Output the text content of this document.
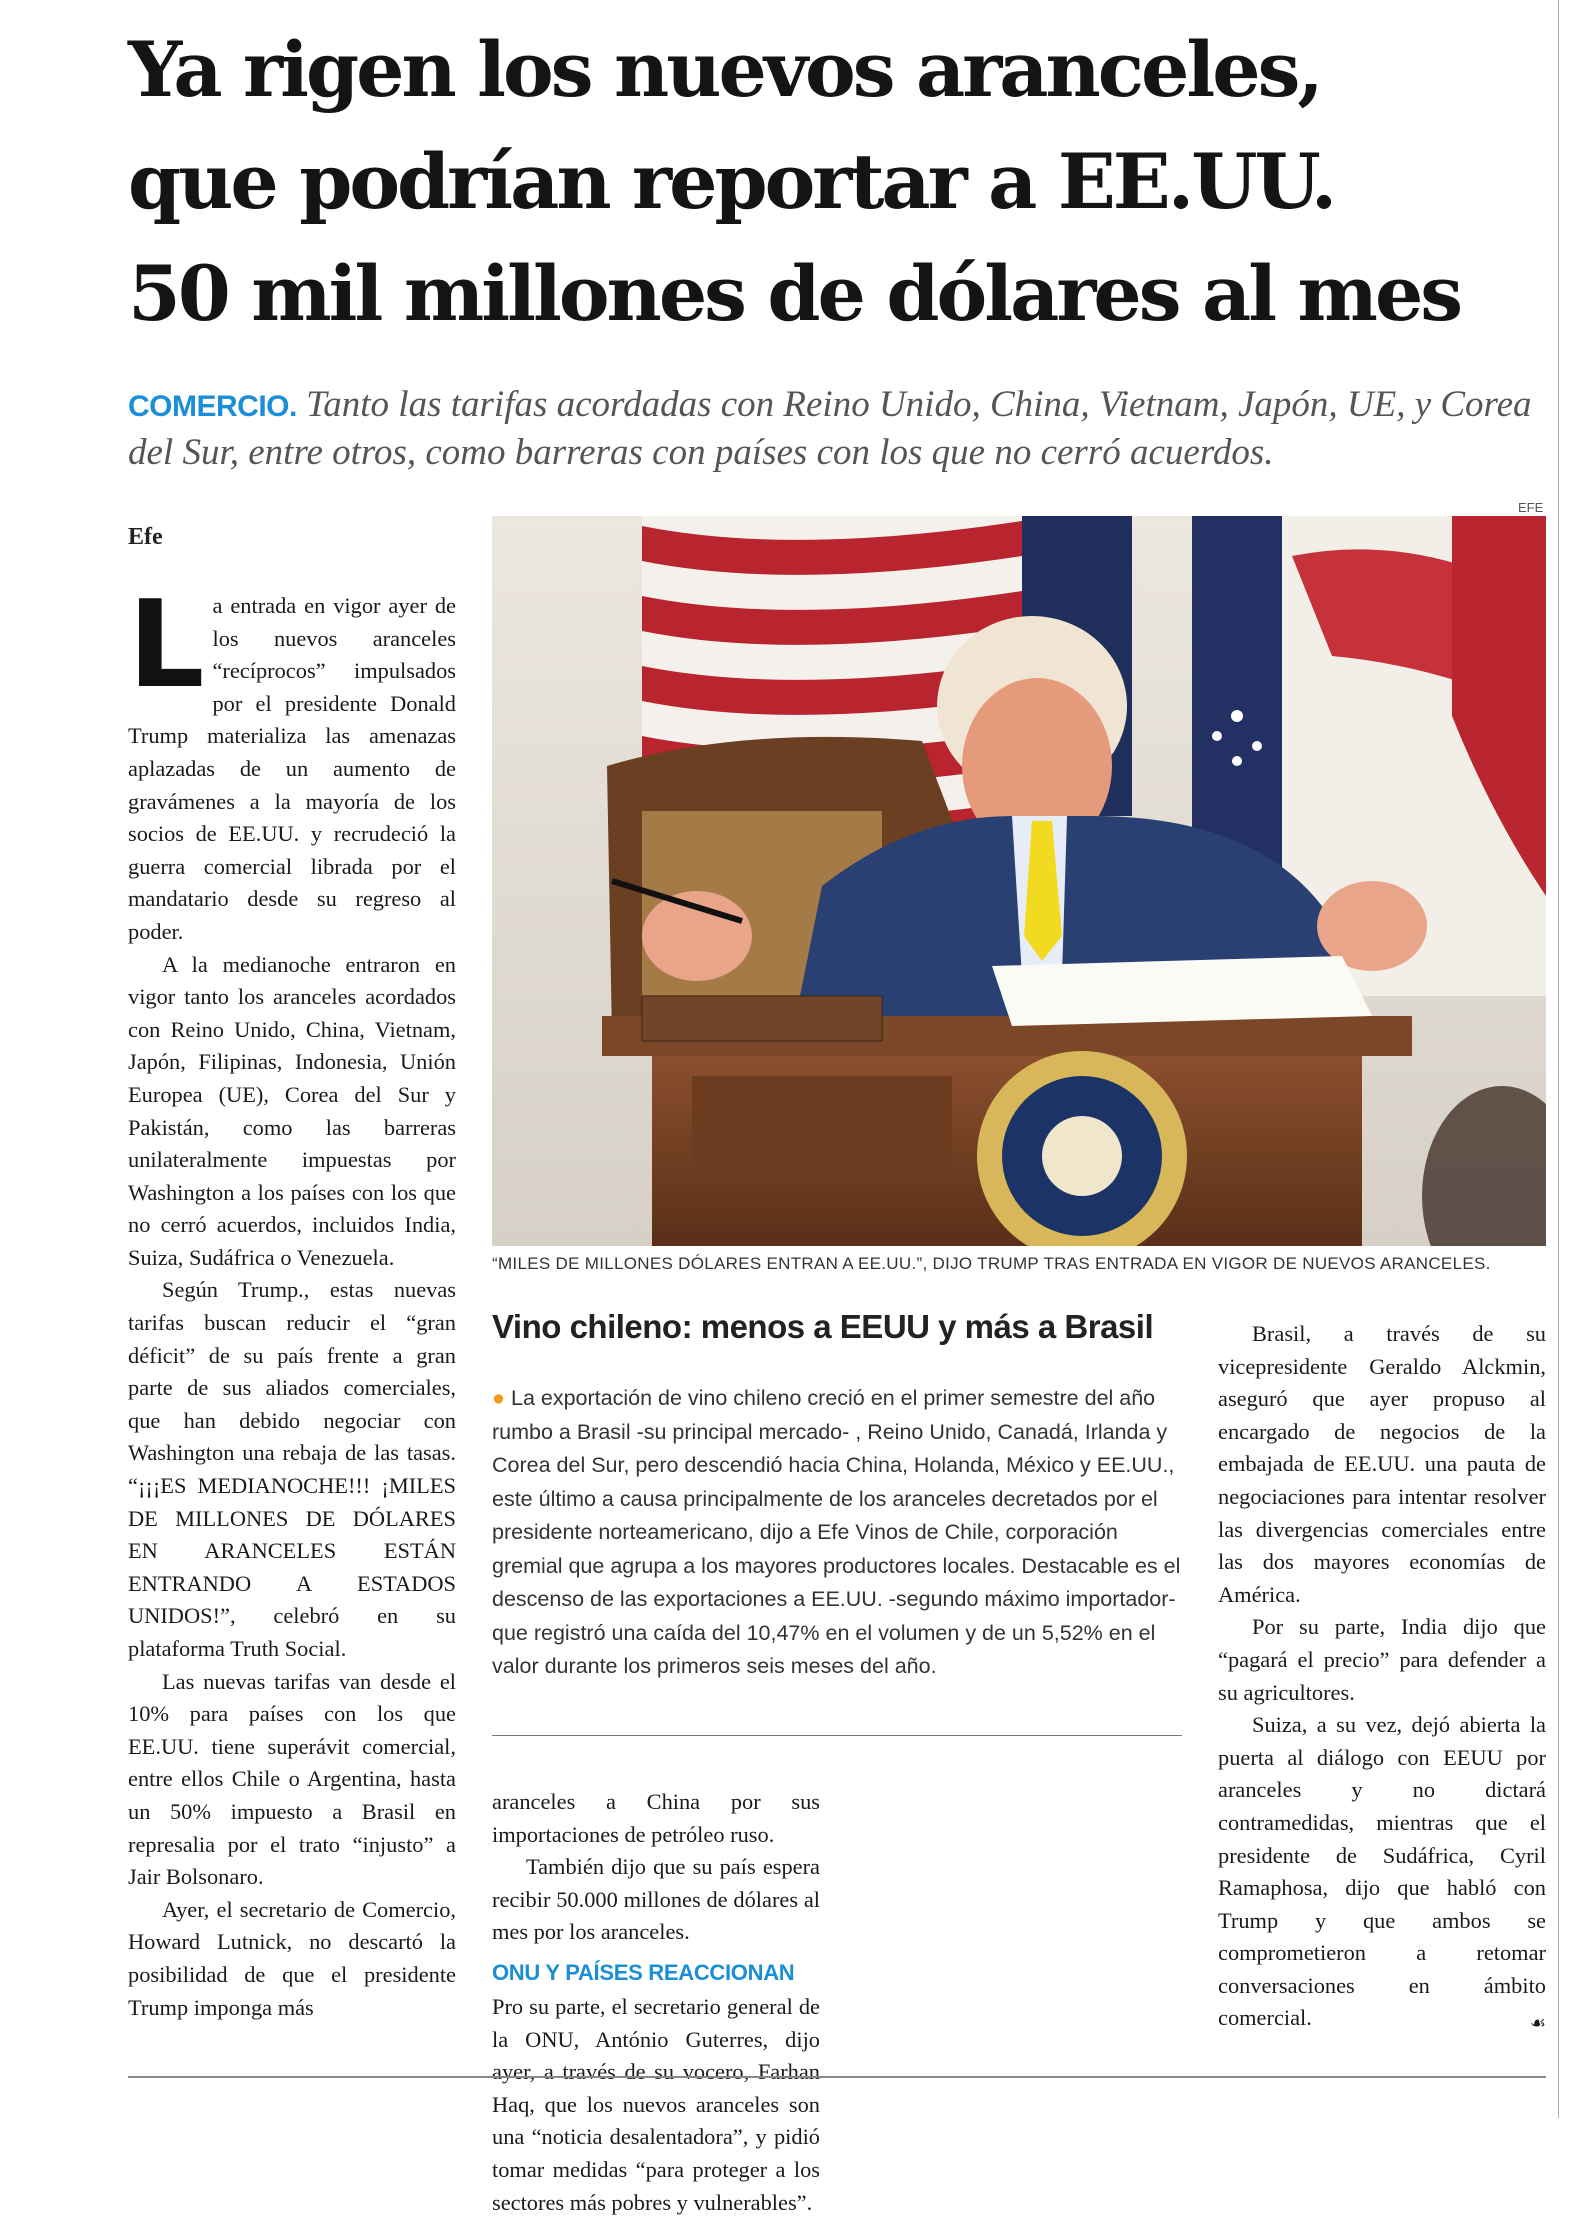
Ya rigen los nuevos aranceles,
que podrían reportar a EE.UU.
50 mil millones de dólares al mes
COMERCIO. Tanto las tarifas acordadas con Reino Unido, China, Vietnam, Japón, UE, y Corea del Sur, entre otros, como barreras con países con los que no cerró acuerdos.
EFE
Efe

La entrada en vigor ayer de los nuevos aranceles “recíprocos” impulsados por el presidente Donald Trump materializa las amenazas aplazadas de un aumento de gravámenes a la mayoría de los socios de EE.UU. y recrudeció la guerra comercial librada por el mandatario desde su regreso al poder.

A la medianoche entraron en vigor tanto los aranceles acordados con Reino Unido, China, Vietnam, Japón, Filipinas, Indonesia, Unión Europea (UE), Corea del Sur y Pakistán, como las barreras unilateralmente impuestas por Washington a los países con los que no cerró acuerdos, incluidos India, Suiza, Sudáfrica o Venezuela.

Según Trump., estas nuevas tarifas buscan reducir el “gran déficit” de su país frente a gran parte de sus aliados comerciales, que han debido negociar con Washington una rebaja de las tasas. “¡¡¡ES MEDIANOCHE!!! ¡MILES DE MILLONES DE DÓLARES EN ARANCELES ESTÁN ENTRANDO A ESTADOS UNIDOS!”, celebró en su plataforma Truth Social.

Las nuevas tarifas van desde el 10% para países con los que EE.UU. tiene superávit comercial, entre ellos Chile o Argentina, hasta un 50% impuesto a Brasil en represalia por el trato “injusto” a Jair Bolsonaro.

Ayer, el secretario de Comercio, Howard Lutnick, no descartó la posibilidad de que el presidente Trump imponga más

“MILES DE MILLONES DÓLARES ENTRAN A EE.UU.”, DIJO TRUMP TRAS ENTRADA EN VIGOR DE NUEVOS ARANCELES.
Vino chileno: menos a EEUU y más a Brasil
● La exportación de vino chileno creció en el primer semestre del año rumbo a Brasil -su principal mercado- , Reino Unido, Canadá, Irlanda y Corea del Sur, pero descendió hacia China, Holanda, México y EE.UU., este último a causa principalmente de los aranceles decretados por el presidente norteamericano, dijo a Efe Vinos de Chile, corporación gremial que agrupa a los mayores productores locales. Destacable es el descenso de las exportaciones a EE.UU. -segundo máximo importador- que registró una caída del 10,47% en el volumen y de un 5,52% en el valor durante los primeros seis meses del año.

aranceles a China por sus importaciones de petróleo ruso.

También dijo que su país espera recibir 50.000 millones de dólares al mes por los aranceles.

ONU Y PAÍSES REACCIONAN

Pro su parte, el secretario general de la ONU, António Guterres, dijo ayer, a través de su vocero, Farhan Haq, que los nuevos aranceles son una “noticia desalentadora”, y pidió tomar medidas “para proteger a los sectores más pobres y vulnerables”.

Brasil, a través de su vicepresidente Geraldo Alckmin, aseguró que ayer propuso al encargado de negocios de la embajada de EE.UU. una pauta de negociaciones para intentar resolver las divergencias comerciales entre las dos mayores economías de América.

Por su parte, India dijo que “pagará el precio” para defender a su agricultores.

Suiza, a su vez, dejó abierta la puerta al diálogo con EEUU por aranceles y no dictará contramedidas, mientras que el presidente de Sudáfrica, Cyril Ramaphosa, dijo que habló con Trump y que ambos se comprometieron a retomar conversaciones en ámbito comercial.	☙
